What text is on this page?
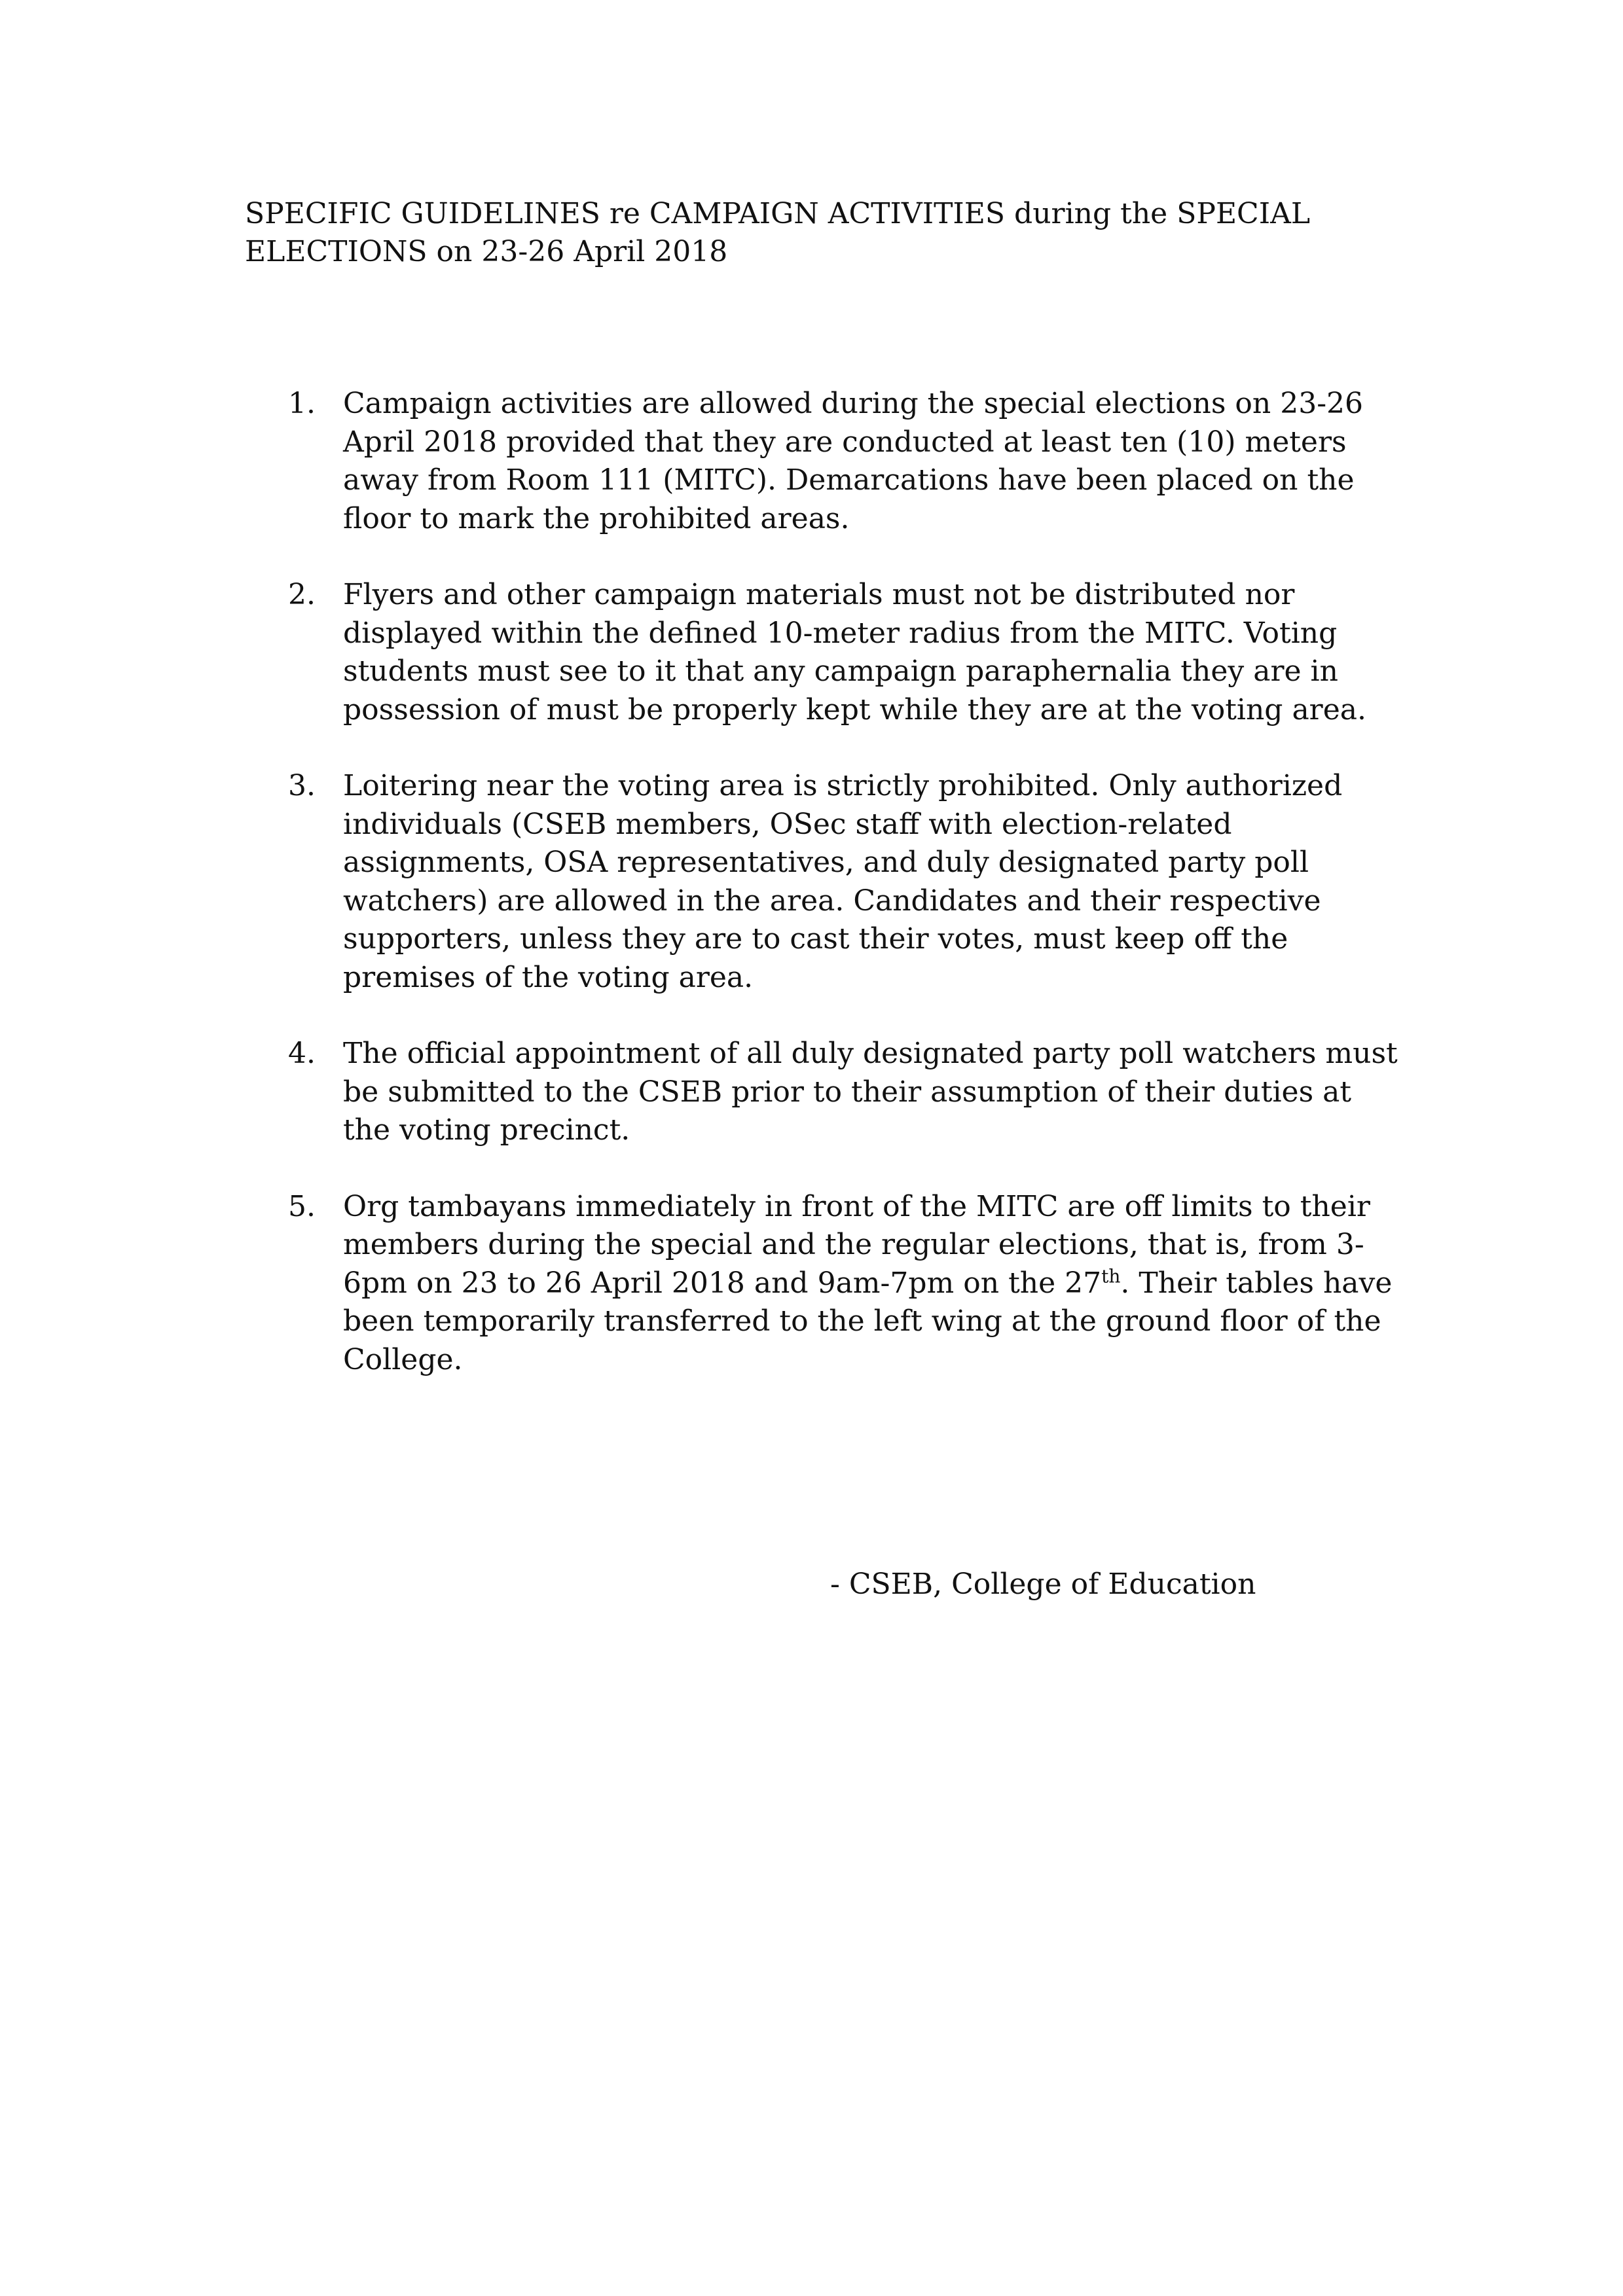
SPECIFIC GUIDELINES re CAMPAIGN ACTIVITIES during the SPECIAL
ELECTIONS on 23-26 April 2018
1. Campaign activities are allowed during the special elections on 23-26 April 2018 provided that they are conducted at least ten (10) meters away from Room 111 (MITC). Demarcations have been placed on the floor to mark the prohibited areas.
2. Flyers and other campaign materials must not be distributed nor displayed within the defined 10-meter radius from the MITC. Voting students must see to it that any campaign paraphernalia they are in possession of must be properly kept while they are at the voting area.
3. Loitering near the voting area is strictly prohibited. Only authorized individuals (CSEB members, OSec staff with election-related assignments, OSA representatives, and duly designated party poll watchers) are allowed in the area. Candidates and their respective supporters, unless they are to cast their votes, must keep off the premises of the voting area.
4. The official appointment of all duly designated party poll watchers must be submitted to the CSEB prior to their assumption of their duties at the voting precinct.
5. Org tambayans immediately in front of the MITC are off limits to their members during the special and the regular elections, that is, from 3-6pm on 23 to 26 April 2018 and 9am-7pm on the 27th. Their tables have been temporarily transferred to the left wing at the ground floor of the College.

- CSEB, College of Education
